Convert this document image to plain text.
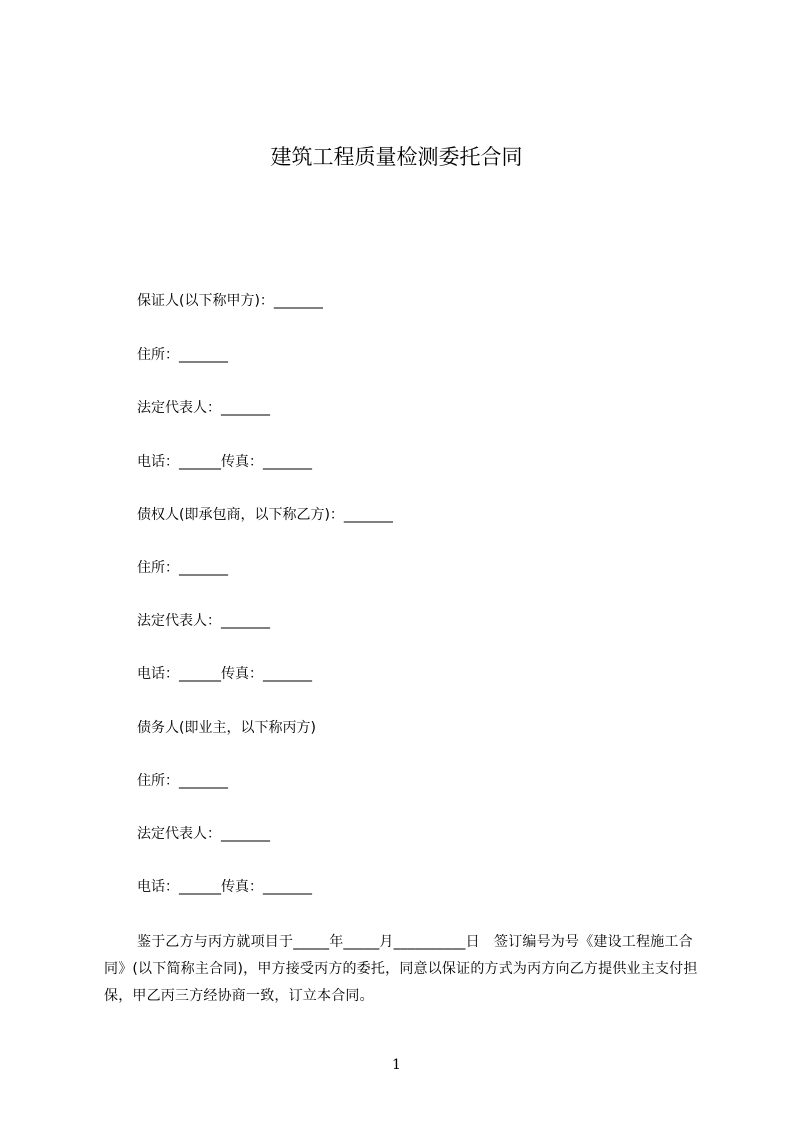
建筑工程质量检测委托合同
保证人(以下称甲方)：_______
住所：_______
法定代表人：_______
电话：______传真：_______
债权人(即承包商，以下称乙方)：_______
住所：_______
法定代表人：_______
电话：______传真：_______
债务人(即业主，以下称丙方)
住所：_______
法定代表人：_______
电话：______传真：_______
鉴于乙方与丙方就项目于_____年_____月__________日　签订编号为号《建设工程施工合同》(以下简称主合同)，甲方接受丙方的委托，同意以保证的方式为丙方向乙方提供业主支付担保，甲乙丙三方经协商一致，订立本合同。
1
